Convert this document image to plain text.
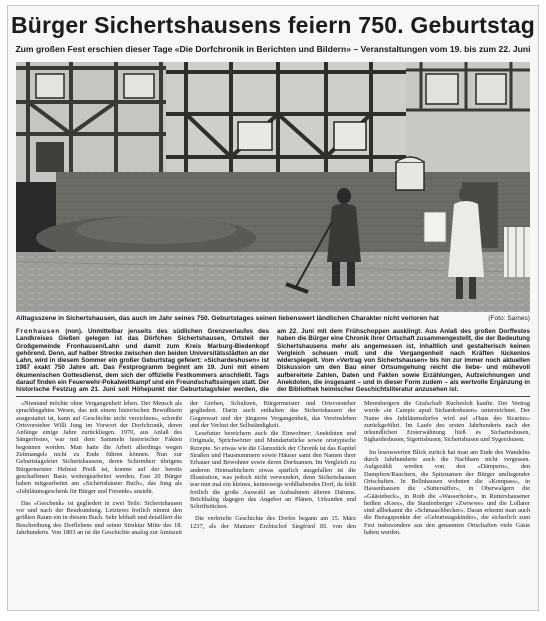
Bürger Sichertshausens feiern 750. Geburtstag
Zum großen Fest erschien dieser Tage «Die Dorfchronik in Berichten und Bildern» – Veranstaltungen vom 19. bis zum 22. Juni
Alltagsszene in Sichertshausen, das auch im Jahr seines 750. Geburtstages seinen liebenswert ländlichen Charakter nicht verloren hat	(Foto: Sames)
Fronhausen (non). Unmittelbar jenseits des südlichen Grenzverlaufes des Landkreises Gießen gelegen ist das Dörfchen Sichertshausen, Ortsteil der Großgemeinde Fronhausen/Lahn und damit zum Kreis Marburg-Biedenkopf gehörend. Denn, auf halber Strecke zwischen den beiden Universitätsstädten an der Lahn, wird in diesem Sommer ein großer Geburtstag gefeiert: «Sichardeshusen» ist 1987 exakt 750 Jahre alt. Das Festprogramm beginnt am 19. Juni mit einem ökumenischen Gottesdienst, dem sich der offizielle Festkommers anschließt. Tags darauf finden ein Feuerwehr-Pokalwettkampf und ein Freundschaftssingen statt. Der historische Festzug am 21. Juni soll Höhepunkt der Geburtstagsfeier werden, die am 22. Juni mit dem Frühschoppen ausklingt. Aus Anlaß des großen Dorffestes haben die Bürger eine Chronik ihrer Ortschaft zusammengestellt, die der Bedeutung Sichertshausens mehr als angemessen ist, inhaltlich und gestalterisch keinen Vergleich scheuen muß und die Vergangenheit nach Kräften lückenlos widerspiegelt. Vom «Vertrag von Sichertshausen» bis hin zur immer noch aktuellen Diskussion um den Bau einer Ortsumgehung reicht die liebe- und mühevoll aufbereitete Zahlen, Daten und Fakten sowie Erzählungen, Aufzeichnungen und Anekdoten, die insgesamt – und in dieser Form zudem – als wertvolle Ergänzung in der Bibliothek heimischer Geschichtsliteratur anzusehen ist.

«Niemand möchte ohne Vergangenheit leben. Der Mensch als sprachbegabtes Wesen, das mit einem historischen Bewußtsein ausgestattet ist, kann auf Geschichte nicht verzichten», schreibt Ortsvorsteher Willi Jung im Vorwort der Dorfchronik, deren Anfänge einige Jahre zurückliegen. 1970, aus Anlaß des Sängerfestes, war mit dem Sammeln historischer Fakten begonnen worden. Man hatte die Arbeit allerdings wegen Zeitmangels nicht zu Ende führen können. Nun zur Geburtstagsfeier Sichertshausens, deren Schirmherr übrigens Bürgermeister Helmut Preiß ist, konnte auf der bereits geschaffenen Basis weitergearbeitet werden. Fast 20 Bürger haben mitgearbeitet am «Sichertshäuser Buch», das Jung als «Jubiläumsgeschenk für Bürger und Freunde» ansieht.

Das «Geschenk» ist gegliedert in zwei Teile: Sichertshausen vor und nach der Beurkundung. Letzteres freilich nimmt den größten Raum ein in diesem Buch. Sehr lebhaft und detailliert die Beschreibung des Dorflebens und seiner Struktur Mitte des 18. Jahrhunderts. Von 1803 an ist die Geschichte analog zur Amtszeit der Greben, Schultzen, Bürgermeister und Ortsvorsteher gegliedert. Darin auch enthalten das Sichertshausen der Gegenwart und der jüngeren Vergangenheit, das Vereinsleben und der Verlust der Selbständigkeit.

Lesefutter bereichern auch die Einwohner: Anekdoten und Originale, Sprichwörter und Mundartstücke sowie ortstypische Rezepte. So etwas wie die Glanzstück der Chronik ist das Kapitel Straßen und Hausnummern sowie Häuser samt den Namen ihrer Erbauer und Bewohner sowie deren Dorfnamen. Im Vergleich zu anderen Heimatbüchern etwas spärlich ausgefallen ist die Illustration, was jedoch nicht verwundert, denn Sichertshausen war nun mal ein kleines, keineswegs wohlhabendes Dorf, da fehlt freilich die große Auswahl an Aufnahmen älteren Datums. Beichhaltig dagegen das Angebot an Plänen, Urkunden und Schriftstücken.

Die verbriefte Geschichte des Dorfes begann am 15. März 1237, als der Mainzer Erzbischof Siegfried III. von den Merenbergern die Grafschaft Ruchesloh kaufte. Der Vertrag wurde «in Campis apud Sichardeshusen» unterzeichnet. Der Name des Jubiläumsdorfes wird auf «Haus des Sicartus» zurückgeführt. Im Laufe des ersten Jahrhunderts nach der urkundlichen Ersterwähnung hieß es Sicharteshusen, Sighardeshusen, Sigertishusen, Sichertshusen und Sygershusen.

Im lesenswerten Blick zurück hat man am Ende des Wandelns durch Jahrhunderte auch die Nachbarn nicht vergessen. Aufgezählt werden von den «Dämpern», den Dampfern/Rauchern, die Spitznamen der Bürger umliegender Ortschaften. In Bellnhausen wohnten die «Kompass», in Hassenhausen die «Suttersäffer», in Oberwalgern die «Gäästebeck», in Roth die «Wasserholer», in Ruttershausener heißen «Kees», die Staufenberger «Zwiwwe» und die Lollarer sind allbekannt die «Schmaachbecker». Daran erkennt man auch die Bezugspunkte der «Geburtstagskinder», die sicherlich zum Fest insbesondere aus den genannten Ortschaften viele Gäste haben werden.
